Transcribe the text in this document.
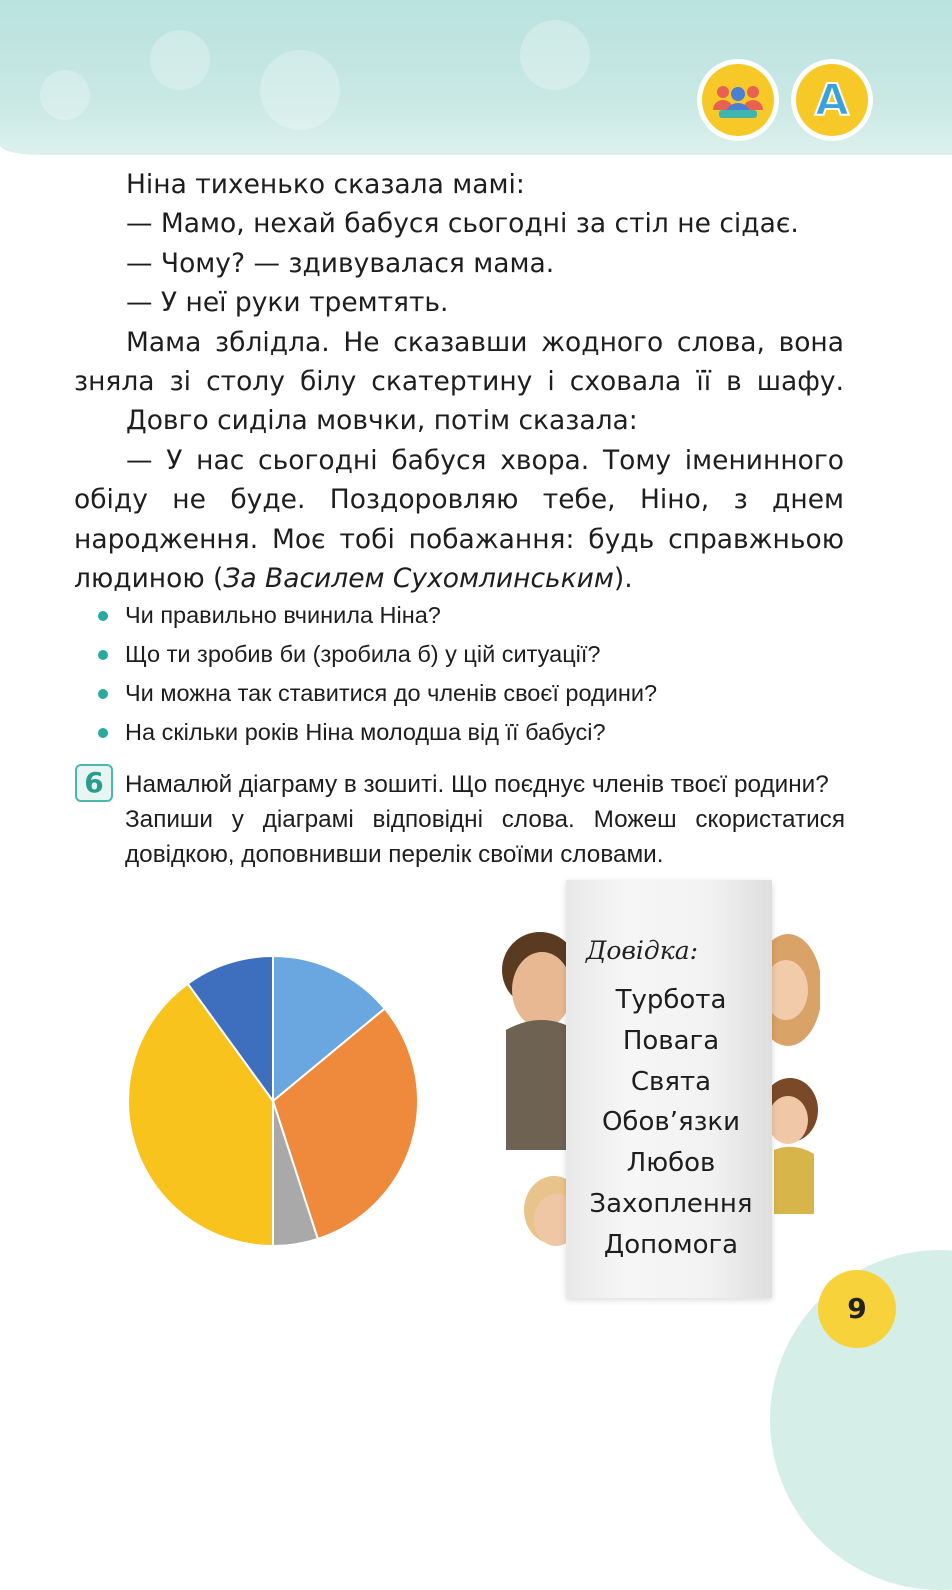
А

Ніна тихенько сказала мамі:

— Мамо, нехай бабуся сьогодні за стіл не сідає.

— Чому? — здивувалася мама.

— У неї руки тремтять.

Мама зблідла. Не сказавши жодного слова, вона зняла зі столу білу скатертину і сховала її в шафу.

Довго сиділа мовчки, потім сказала:

— У нас сьогодні бабуся хвора. Тому іменинного обіду не буде. Поздоровляю тебе, Ніно, з днем народження. Моє тобі побажання: будь справжньою людиною (За Василем Сухомлинським).

Чи правильно вчинила Ніна?
Що ти зробив би (зробила б) у цій ситуації?
Чи можна так ставитися до членів своєї родини?
На скільки років Ніна молодша від її бабусі?
6 Намалюй діаграму в зошиті. Що поєднує членів твоєї родини?

Запиши у діаграмі відповідні слова. Можеш скористатися довідкою, доповнивши перелік своїми словами.

Довідка:
Турбота
Повага
Свята
Обов’язки
Любов
Захоплення
Допомога
9
